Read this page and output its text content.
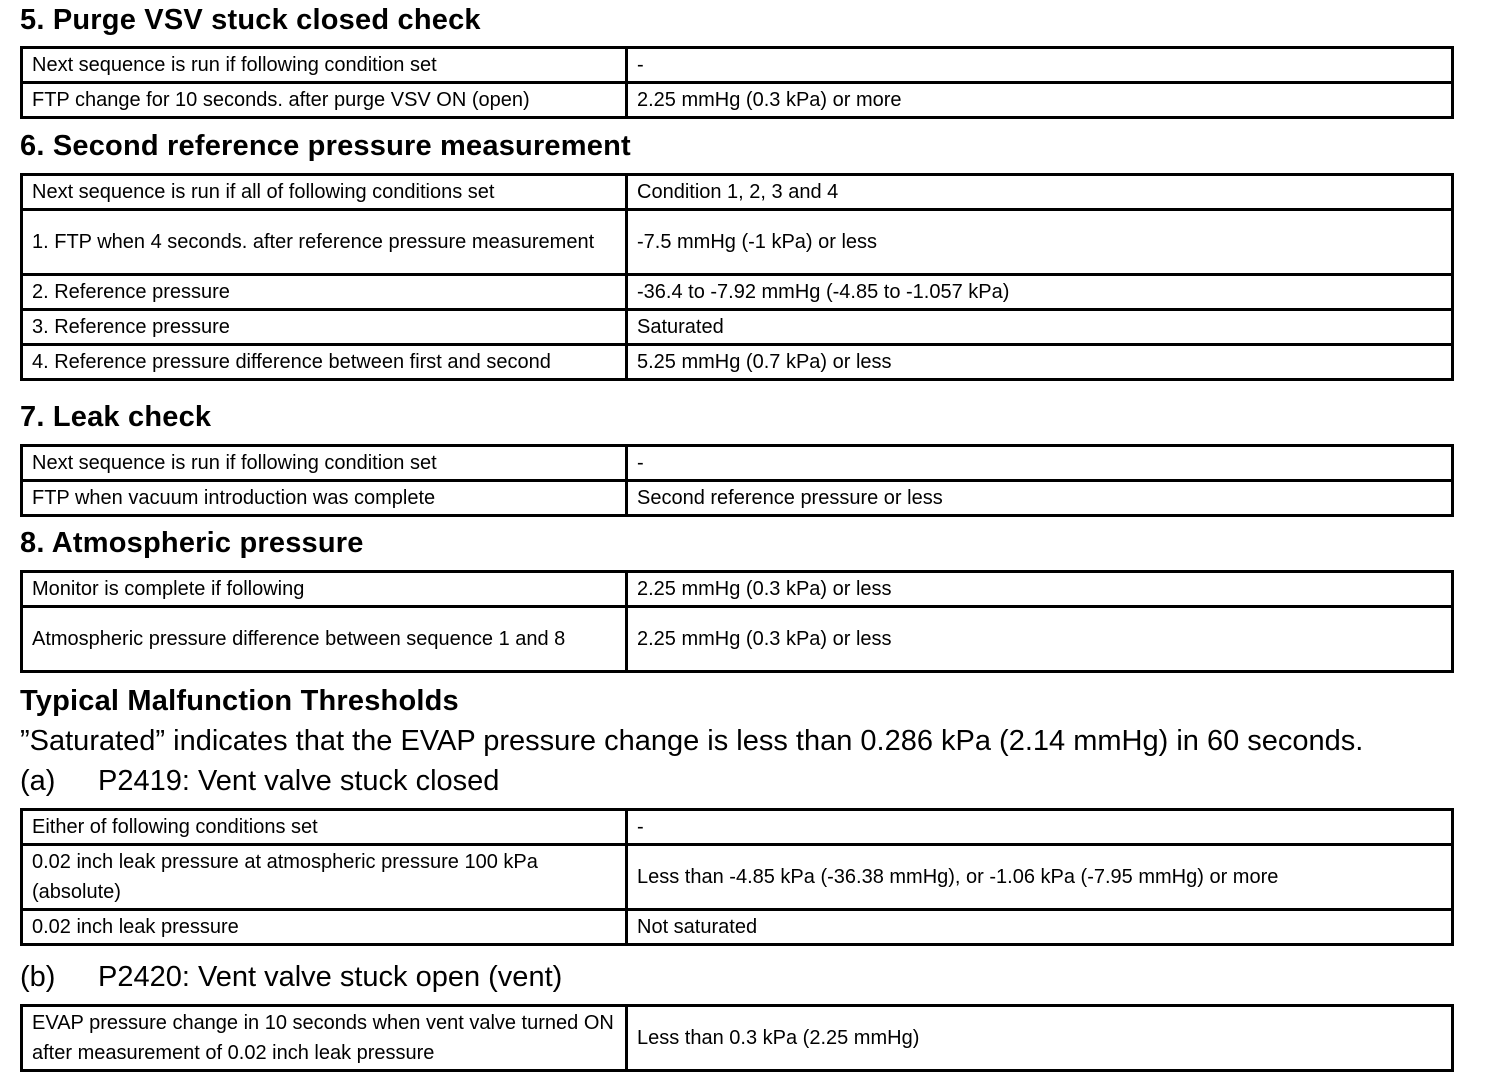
5. Purge VSV stuck closed check
Next sequence is run if following condition set	-
FTP change for 10 seconds. after purge VSV ON (open)	2.25 mmHg (0.3 kPa) or more
6. Second reference pressure measurement
Next sequence is run if all of following conditions set	Condition 1, 2, 3 and 4
1. FTP when 4 seconds. after reference pressure measurement	-7.5 mmHg (-1 kPa) or less
2. Reference pressure	-36.4 to -7.92 mmHg (-4.85 to -1.057 kPa)
3. Reference pressure	Saturated
4. Reference pressure difference between first and second	5.25 mmHg (0.7 kPa) or less
7. Leak check
Next sequence is run if following condition set	-
FTP when vacuum introduction was complete	Second reference pressure or less
8. Atmospheric pressure
Monitor is complete if following	2.25 mmHg (0.3 kPa) or less
Atmospheric pressure difference between sequence 1 and 8	2.25 mmHg (0.3 kPa) or less
Typical Malfunction Thresholds

”Saturated” indicates that the EVAP pressure change is less than 0.286 kPa (2.14 mmHg) in 60 seconds.

(a) P2419: Vent valve stuck closed

Either of following conditions set	-
0.02 inch leak pressure at atmospheric pressure 100 kPa (absolute)	Less than -4.85 kPa (-36.38 mmHg), or -1.06 kPa (-7.95 mmHg) or more
0.02 inch leak pressure	Not saturated

(b) P2420: Vent valve stuck open (vent)

EVAP pressure change in 10 seconds when vent valve turned ON after measurement of 0.02 inch leak pressure	Less than 0.3 kPa (2.25 mmHg)
